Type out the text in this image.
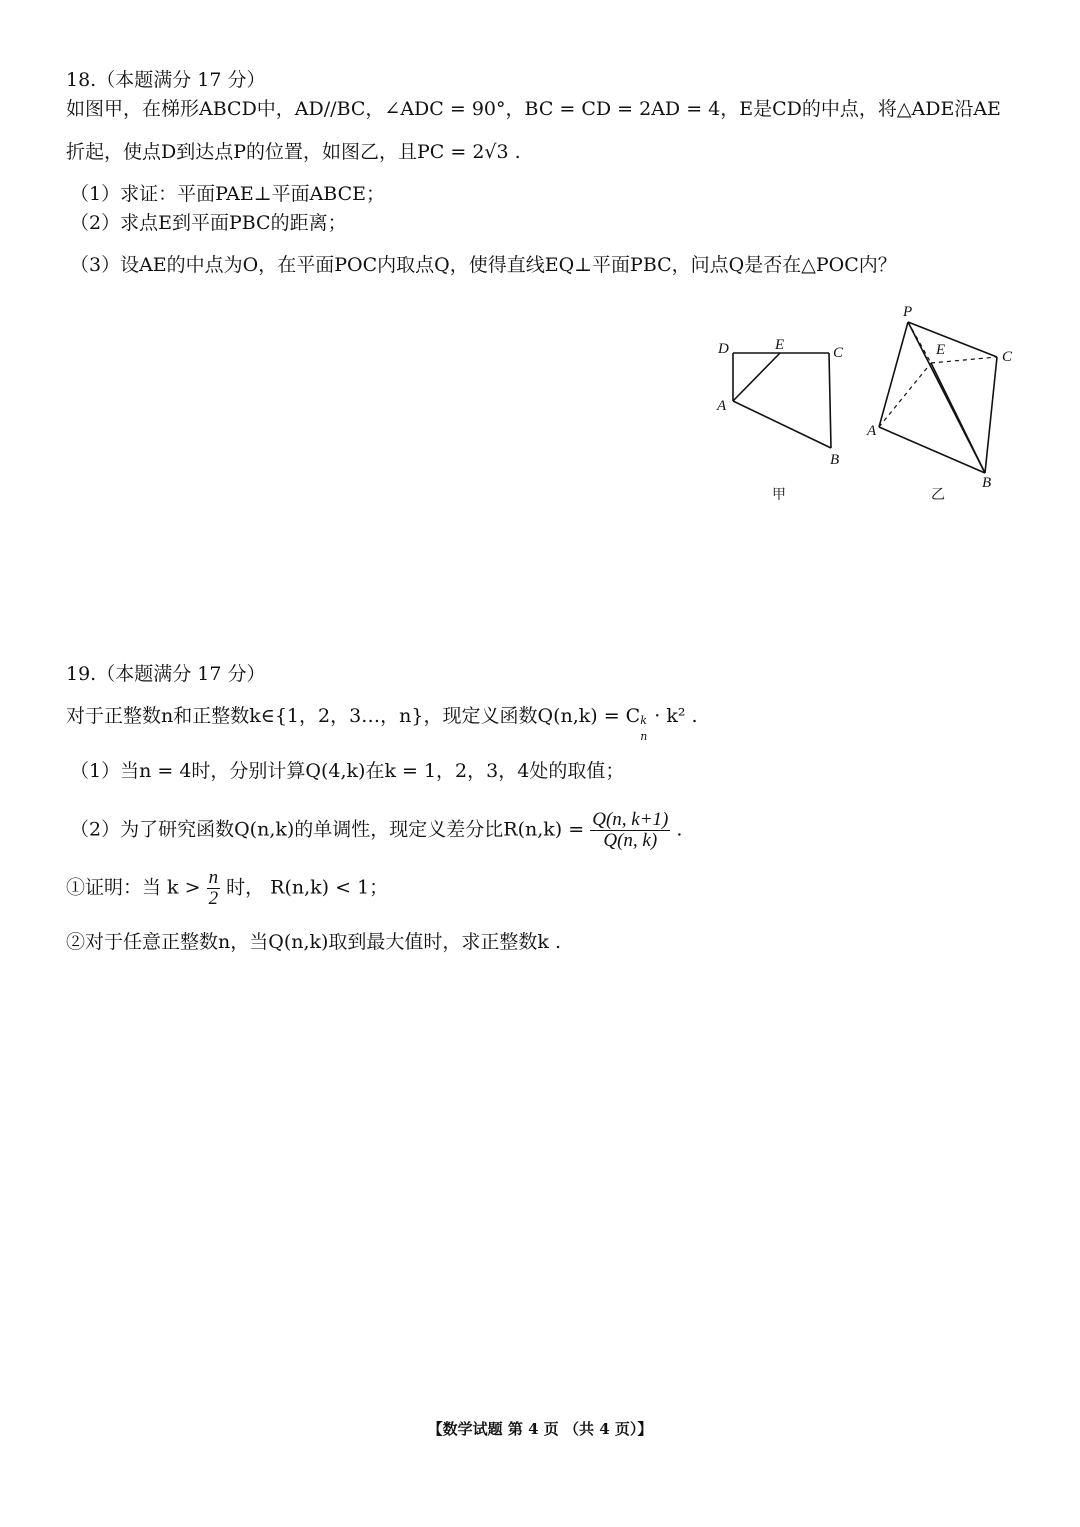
18.（本题满分 17 分）
如图甲，在梯形ABCD中，AD//BC，∠ADC = 90°，BC = CD = 2AD = 4，E是CD的中点，将△ADE沿AE
折起，使点D到达点P的位置，如图乙，且PC = 2√3 .
（1）求证：平面PAE⊥平面ABCE；
（2）求点E到平面PBC的距离；
（3）设AE的中点为O，在平面POC内取点Q，使得直线EQ⊥平面PBC，问点Q是否在△POC内？
D	E	C
A
B
甲
P
E	C
A
B
乙
19.（本题满分 17 分）
对于正整数n和正整数k∈{1，2，3…，n}，现定义函数Q(n,k) = C k
n
· k² .
（1）当n = 4时，分别计算Q(4,k)在k = 1，2，3，4处的取值；
（2）为了研究函数Q(n,k)的单调性，现定义差分比$R(n,k) = \frac{Q(n, k+1)}{Q(n, k)}$ .
①证明：当 $k > \frac{n}{2}$ 时， R(n,k) < 1；
②对于任意正整数n，当Q(n,k)取到最大值时，求正整数k .
【数学试题 第 4 页 （共 4 页）】
